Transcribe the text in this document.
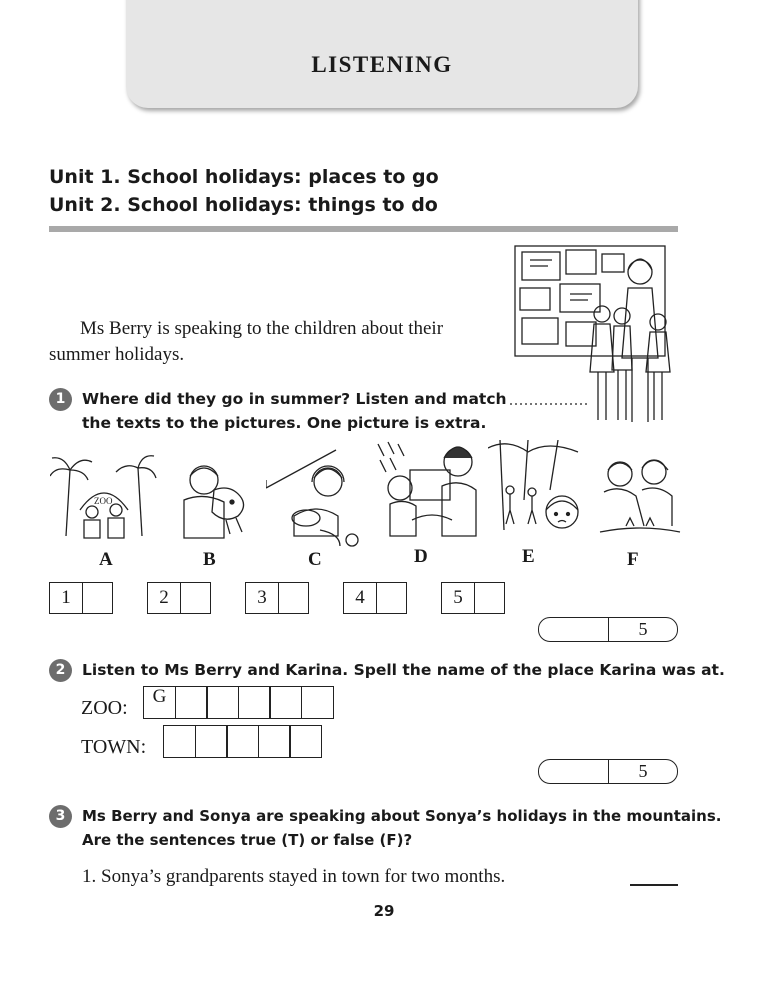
LISTENING
Unit 1. School holidays: places to go
Unit 2. School holidays: things to do
Ms Berry is speaking to the children about their summer holidays.
1	Where did they go in summer? Listen and match
the texts to the pictures. One picture is extra.
ZOO
A	B	C	D	E	F
1	2	3	4	5
5
2	Listen to Ms Berry and Karina. Spell the name of the place Karina was at.
ZOO:
G
TOWN:
5
3	Ms Berry and Sonya are speaking about Sonya’s holidays in the mountains.
Are the sentences true (T) or false (F)?
1. Sonya’s grandparents stayed in town for two months.
29
